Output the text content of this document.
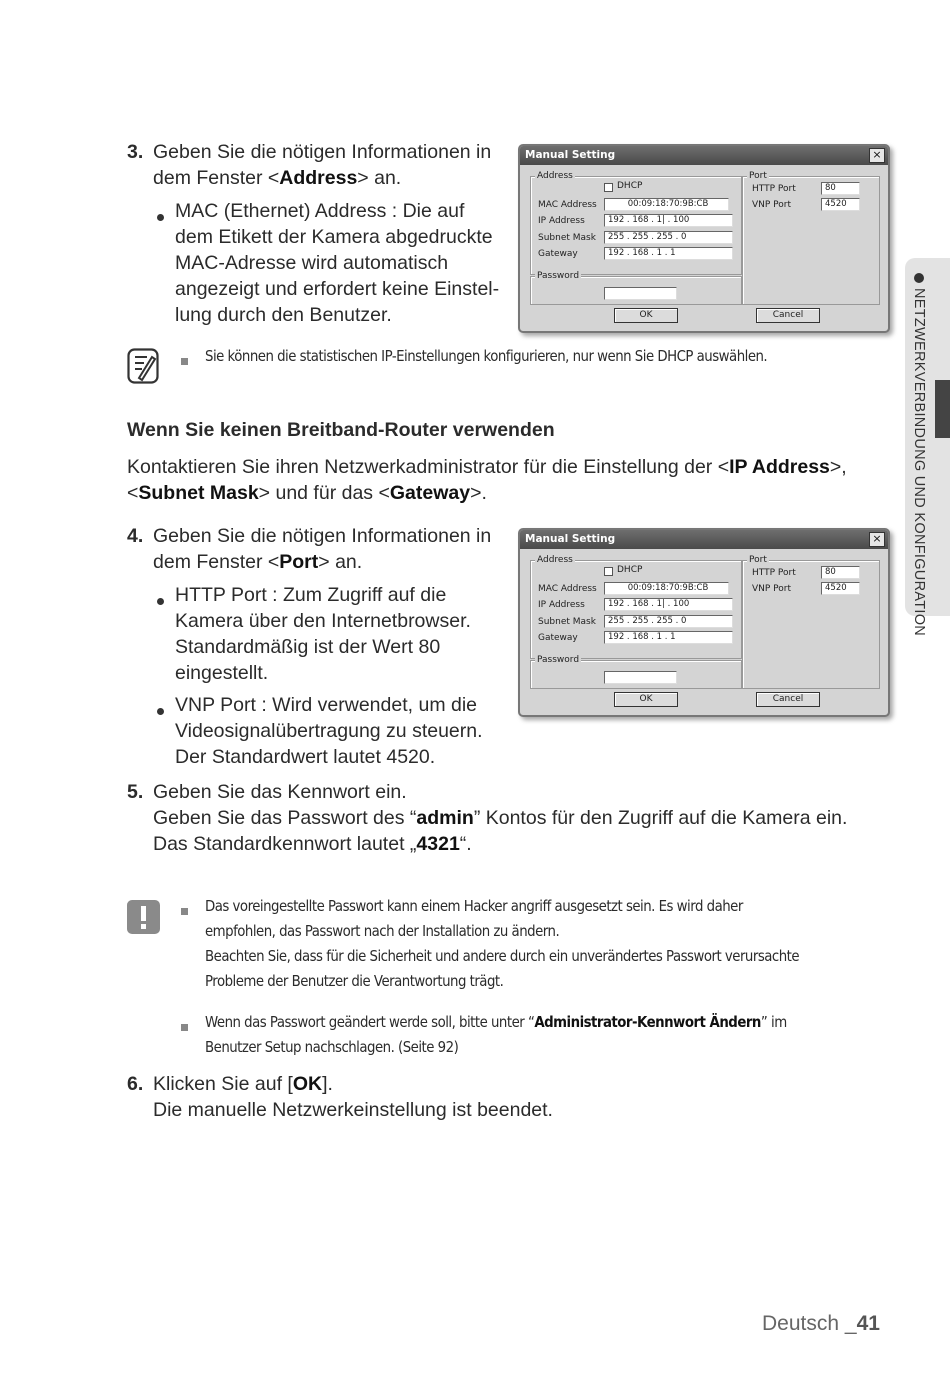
3. Geben Sie die nötigen Informationen in
dem Fenster <Address> an.
MAC (Ethernet) Address : Die auf
dem Etikett der Kamera abgedruckte
MAC-Adresse wird automatisch
angezeigt und erfordert keine Einstel-
lung durch den Benutzer.
Manual Setting	×
Address
DHCP
MAC Address	00:09:18:70:9B:CB
IP Address	192 . 168 . 1| . 100
Subnet Mask	255 . 255 . 255 . 0
Gateway	192 . 168 . 1 . 1
Password
Port
HTTP Port	80
VNP Port	4520
OK	Cancel
Sie können die statistischen IP-Einstellungen konfigurieren, nur wenn Sie DHCP auswählen.
Wenn Sie keinen Breitband-Router verwenden
Kontaktieren Sie ihren Netzwerkadministrator für die Einstellung der <IP Address>,
<Subnet Mask> und für das <Gateway>.
4. Geben Sie die nötigen Informationen in
dem Fenster <Port> an.
HTTP Port : Zum Zugriff auf die
Kamera über den Internetbrowser.
Standardmäßig ist der Wert 80
eingestellt.
VNP Port : Wird verwendet, um die
Videosignalübertragung zu steuern.
Der Standardwert lautet 4520.
Manual Setting	×
Address
DHCP
MAC Address	00:09:18:70:9B:CB
IP Address	192 . 168 . 1| . 100
Subnet Mask	255 . 255 . 255 . 0
Gateway	192 . 168 . 1 . 1
Password
Port
HTTP Port	80
VNP Port	4520
OK	Cancel
5. Geben Sie das Kennwort ein.
Geben Sie das Passwort des “admin” Kontos für den Zugriff auf die Kamera ein.
Das Standardkennwort lautet „4321“.
Das voreingestellte Passwort kann einem Hacker angriff ausgesetzt sein. Es wird daher
empfohlen, das Passwort nach der Installation zu ändern.
Beachten Sie, dass für die Sicherheit und andere durch ein unverändertes Passwort verursachte
Probleme der Benutzer die Verantwortung trägt.
Wenn das Passwort geändert werde soll, bitte unter “Administrator-Kennwort Ändern” im
Benutzer Setup nachschlagen. (Seite 92)
6. Klicken Sie auf [OK].
Die manuelle Netzwerkeinstellung ist beendet.
NETZWERKVERBINDUNG UND KONFIGURATION
Deutsch _41
